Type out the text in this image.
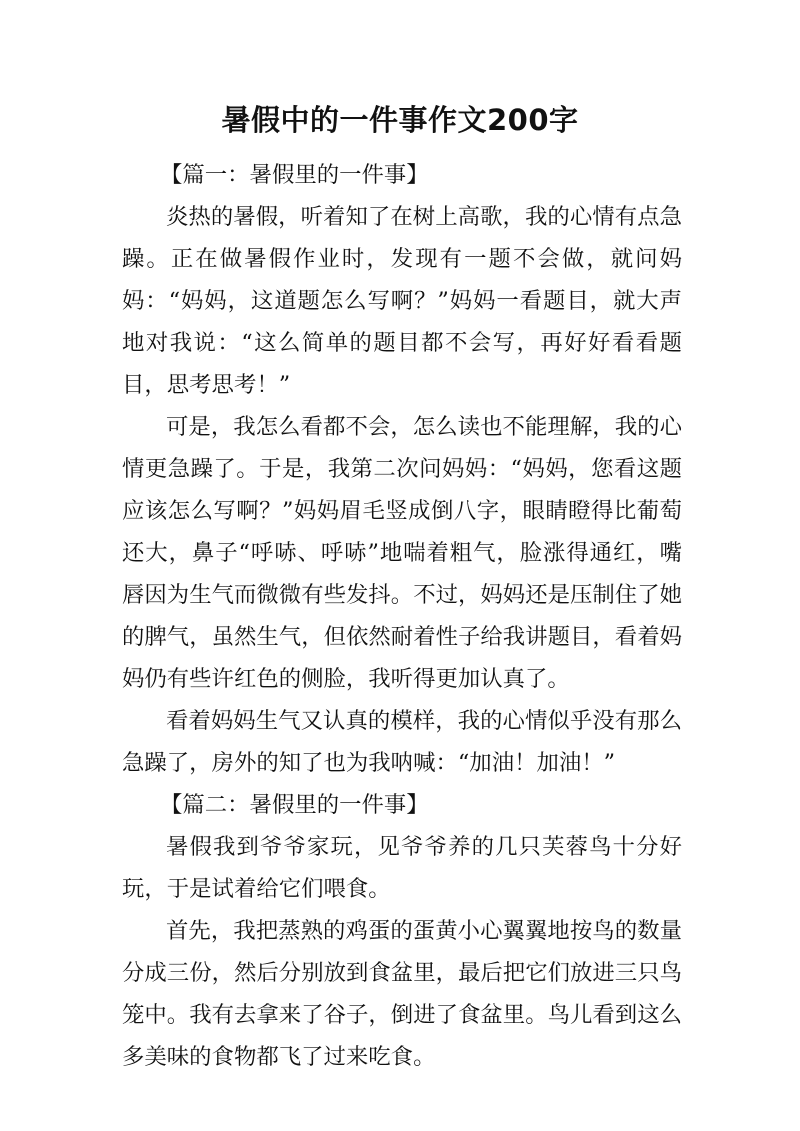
暑假中的一件事作文200字

【篇一：暑假里的一件事】

炎热的暑假，听着知了在树上高歌，我的心情有点急躁。正在做暑假作业时，发现有一题不会做，就问妈妈：“妈妈，这道题怎么写啊？”妈妈一看题目，就大声地对我说：“这么简单的题目都不会写，再好好看看题目，思考思考！”

可是，我怎么看都不会，怎么读也不能理解，我的心情更急躁了。于是，我第二次问妈妈：“妈妈，您看这题应该怎么写啊？”妈妈眉毛竖成倒八字，眼睛瞪得比葡萄还大，鼻子“呼哧、呼哧”地喘着粗气，脸涨得通红，嘴唇因为生气而微微有些发抖。不过，妈妈还是压制住了她的脾气，虽然生气，但依然耐着性子给我讲题目，看着妈妈仍有些许红色的侧脸，我听得更加认真了。

看着妈妈生气又认真的模样，我的心情似乎没有那么急躁了，房外的知了也为我呐喊：“加油！加油！”

【篇二：暑假里的一件事】

暑假我到爷爷家玩，见爷爷养的几只芙蓉鸟十分好玩，于是试着给它们喂食。

首先，我把蒸熟的鸡蛋的蛋黄小心翼翼地按鸟的数量分成三份，然后分别放到食盆里，最后把它们放进三只鸟笼中。我有去拿来了谷子，倒进了食盆里。鸟儿看到这么多美味的食物都飞了过来吃食。
